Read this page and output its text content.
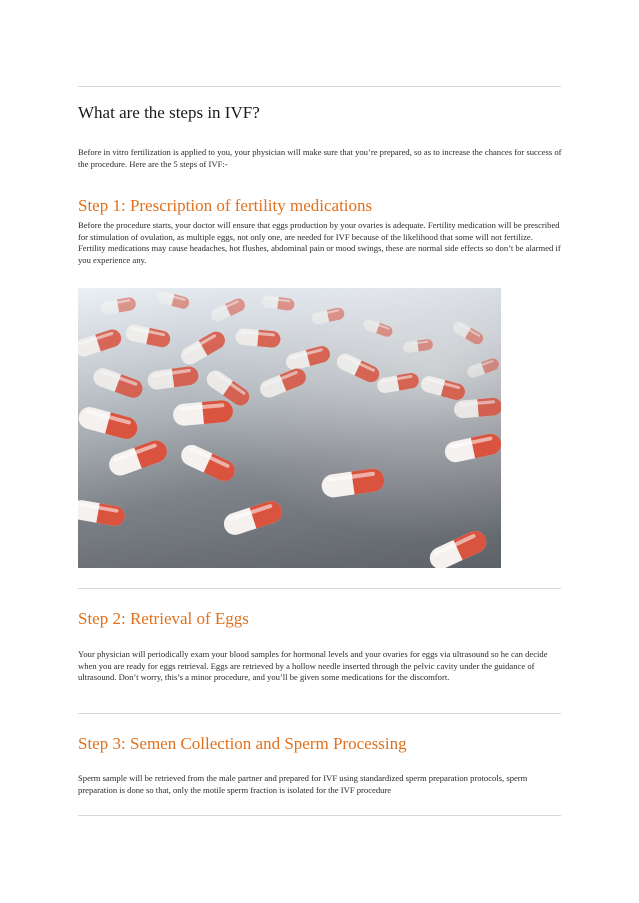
What are the steps in IVF?

Before in vitro fertilization is applied to you, your physician will make sure that you’re prepared, so as to increase the chances for success of the procedure. Here are the 5 steps of IVF:-

Step 1: Prescription of fertility medications

Before the procedure starts, your doctor will ensure that eggs production by your ovaries is adequate. Fertility medication will be prescribed for stimulation of ovulation, as multiple eggs, not only one, are needed for IVF because of the likelihood that some will not fertilize. Fertility medications may cause headaches, hot flushes, abdominal pain or mood swings, these are normal side effects so don’t be alarmed if you experience any.

Step 2: Retrieval of Eggs

Your physician will periodically exam your blood samples for hormonal levels and your ovaries for eggs via ultrasound so he can decide when you are ready for eggs retrieval. Eggs are retrieved by a hollow needle inserted through the pelvic cavity under the guidance of ultrasound. Don’t worry, this’s a minor procedure, and you’ll be given some medications for the discomfort.

Step 3: Semen Collection and Sperm Processing

Sperm sample will be retrieved from the male partner and prepared for IVF using standardized sperm preparation protocols, sperm preparation is done so that, only the motile sperm fraction is isolated for the IVF procedure
